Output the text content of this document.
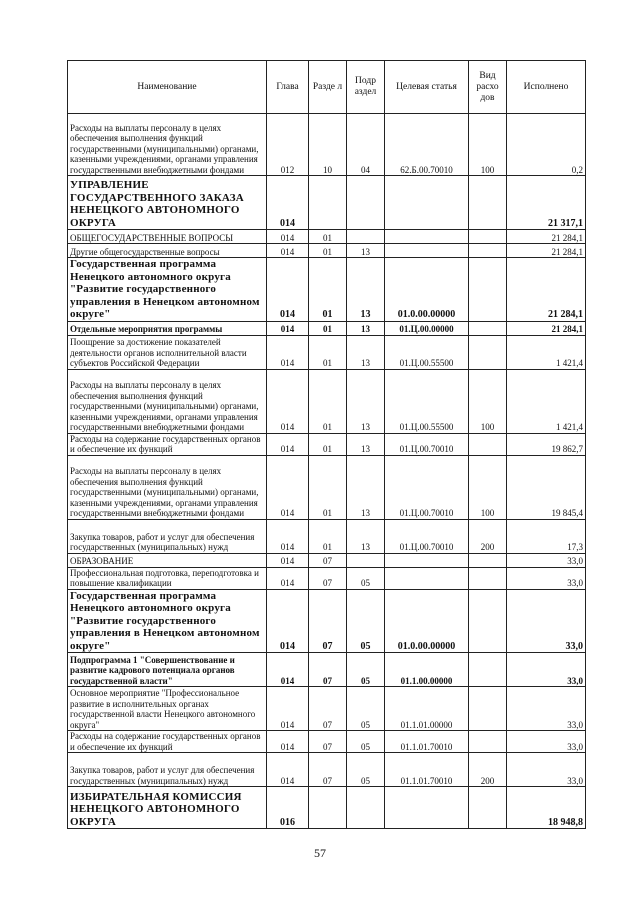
Наименование	Глава	Разде л	Подр аздел	Целевая статья	Вид расхо дов	Исполнено
Расходы на выплаты персоналу в целях обеспечения выполнения функций государственными (муниципальными) органами, казенными учреждениями, органами управления государственными внебюджетными фондами	012	10	04	62.Б.00.70010	100	0,2
УПРАВЛЕНИЕ ГОСУДАРСТВЕННОГО ЗАКАЗА НЕНЕЦКОГО АВТОНОМНОГО ОКРУГА	014					21 317,1
ОБЩЕГОСУДАРСТВЕННЫЕ ВОПРОСЫ	014	01				21 284,1
Другие общегосударственные вопросы	014	01	13			21 284,1
Государственная программа Ненецкого автономного округа "Развитие государственного управления в Ненецком автономном округе"	014	01	13	01.0.00.00000		21 284,1
Отдельные мероприятия программы	014	01	13	01.Ц.00.00000		21 284,1
Поощрение за достижение показателей деятельности органов исполнительной власти субъектов Российской Федерации	014	01	13	01.Ц.00.55500		1 421,4
Расходы на выплаты персоналу в целях обеспечения выполнения функций государственными (муниципальными) органами, казенными учреждениями, органами управления государственными внебюджетными фондами	014	01	13	01.Ц.00.55500	100	1 421,4
Расходы на содержание государственных органов и обеспечение их функций	014	01	13	01.Ц.00.70010		19 862,7
Расходы на выплаты персоналу в целях обеспечения выполнения функций государственными (муниципальными) органами, казенными учреждениями, органами управления государственными внебюджетными фондами	014	01	13	01.Ц.00.70010	100	19 845,4
Закупка товаров, работ и услуг для обеспечения государственных (муниципальных) нужд	014	01	13	01.Ц.00.70010	200	17,3
ОБРАЗОВАНИЕ	014	07				33,0
Профессиональная подготовка, переподготовка и повышение квалификации	014	07	05			33,0
Государственная программа Ненецкого автономного округа "Развитие государственного управления в Ненецком автономном округе"	014	07	05	01.0.00.00000		33,0
Подпрограмма 1 "Совершенствование и развитие кадрового потенциала органов государственной власти"	014	07	05	01.1.00.00000		33,0
Основное мероприятие "Профессиональное развитие в исполнительных органах государственной власти Ненецкого автономного округа"	014	07	05	01.1.01.00000		33,0
Расходы на содержание государственных органов и обеспечение их функций	014	07	05	01.1.01.70010		33,0
Закупка товаров, работ и услуг для обеспечения государственных (муниципальных) нужд	014	07	05	01.1.01.70010	200	33,0
ИЗБИРАТЕЛЬНАЯ КОМИССИЯ НЕНЕЦКОГО АВТОНОМНОГО ОКРУГА	016					18 948,8
57
